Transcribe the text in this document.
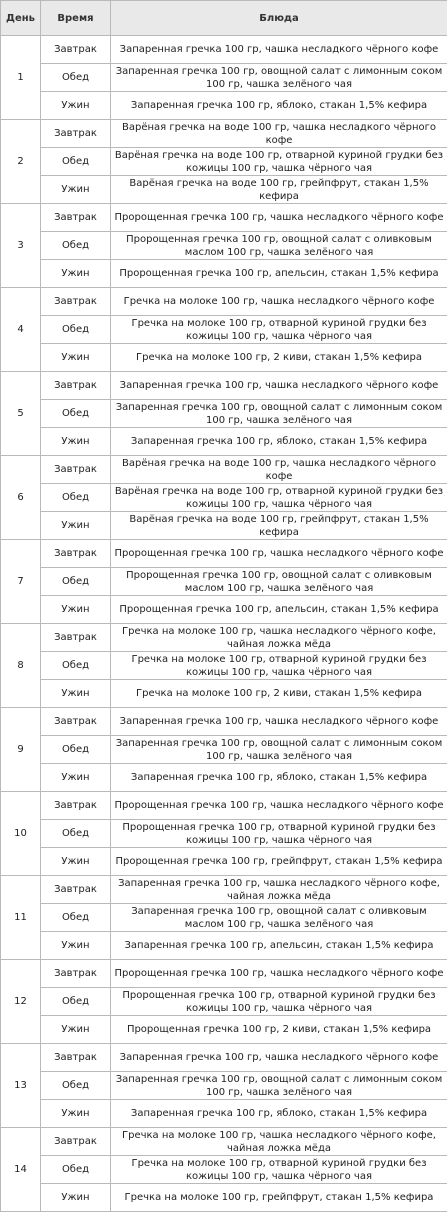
День	Время	Блюда
1	Завтрак	Запаренная гречка 100 гр, чашка несладкого чёрного кофе
	Обед	Запаренная гречка 100 гр, овощной салат с лимонным соком 100 гр, чашка зелёного чая
	Ужин	Запаренная гречка 100 гр, яблоко, стакан 1,5% кефира
2	Завтрак	Варёная гречка на воде 100 гр, чашка несладкого чёрного кофе
	Обед	Варёная гречка на воде 100 гр, отварной куриной грудки без кожицы 100 гр, чашка чёрного чая
	Ужин	Варёная гречка на воде 100 гр, грейпфрут, стакан 1,5% кефира
3	Завтрак	Пророщенная гречка 100 гр, чашка несладкого чёрного кофе
	Обед	Пророщенная гречка 100 гр, овощной салат с оливковым маслом 100 гр, чашка зелёного чая
	Ужин	Пророщенная гречка 100 гр, апельсин, стакан 1,5% кефира
4	Завтрак	Гречка на молоке 100 гр, чашка несладкого чёрного кофе
	Обед	Гречка на молоке 100 гр, отварной куриной грудки без кожицы 100 гр, чашка чёрного чая
	Ужин	Гречка на молоке 100 гр, 2 киви, стакан 1,5% кефира
5	Завтрак	Запаренная гречка 100 гр, чашка несладкого чёрного кофе
	Обед	Запаренная гречка 100 гр, овощной салат с лимонным соком 100 гр, чашка зелёного чая
	Ужин	Запаренная гречка 100 гр, яблоко, стакан 1,5% кефира
6	Завтрак	Варёная гречка на воде 100 гр, чашка несладкого чёрного кофе
	Обед	Варёная гречка на воде 100 гр, отварной куриной грудки без кожицы 100 гр, чашка чёрного чая
	Ужин	Варёная гречка на воде 100 гр, грейпфрут, стакан 1,5% кефира
7	Завтрак	Пророщенная гречка 100 гр, чашка несладкого чёрного кофе
	Обед	Пророщенная гречка 100 гр, овощной салат с оливковым маслом 100 гр, чашка зелёного чая
	Ужин	Пророщенная гречка 100 гр, апельсин, стакан 1,5% кефира
8	Завтрак	Гречка на молоке 100 гр, чашка несладкого чёрного кофе, чайная ложка мёда
	Обед	Гречка на молоке 100 гр, отварной куриной грудки без кожицы 100 гр, чашка чёрного чая
	Ужин	Гречка на молоке 100 гр, 2 киви, стакан 1,5% кефира
9	Завтрак	Запаренная гречка 100 гр, чашка несладкого чёрного кофе
	Обед	Запаренная гречка 100 гр, овощной салат с лимонным соком 100 гр, чашка зелёного чая
	Ужин	Запаренная гречка 100 гр, яблоко, стакан 1,5% кефира
10	Завтрак	Пророщенная гречка 100 гр, чашка несладкого чёрного кофе
	Обед	Пророщенная гречка 100 гр, отварной куриной грудки без кожицы 100 гр, чашка чёрного чая
	Ужин	Пророщенная гречка 100 гр, грейпфрут, стакан 1,5% кефира
11	Завтрак	Запаренная гречка 100 гр, чашка несладкого чёрного кофе, чайная ложка мёда
	Обед	Запаренная гречка 100 гр, овощной салат с оливковым маслом 100 гр, чашка зелёного чая
	Ужин	Запаренная гречка 100 гр, апельсин, стакан 1,5% кефира
12	Завтрак	Пророщенная гречка 100 гр, чашка несладкого чёрного кофе
	Обед	Пророщенная гречка 100 гр, отварной куриной грудки без кожицы 100 гр, чашка чёрного чая
	Ужин	Пророщенная гречка 100 гр, 2 киви, стакан 1,5% кефира
13	Завтрак	Запаренная гречка 100 гр, чашка несладкого чёрного кофе
	Обед	Запаренная гречка 100 гр, овощной салат с лимонным соком 100 гр, чашка зелёного чая
	Ужин	Запаренная гречка 100 гр, яблоко, стакан 1,5% кефира
14	Завтрак	Гречка на молоке 100 гр, чашка несладкого чёрного кофе, чайная ложка мёда
	Обед	Гречка на молоке 100 гр, отварной куриной грудки без кожицы 100 гр, чашка чёрного чая
	Ужин	Гречка на молоке 100 гр, грейпфрут, стакан 1,5% кефира
